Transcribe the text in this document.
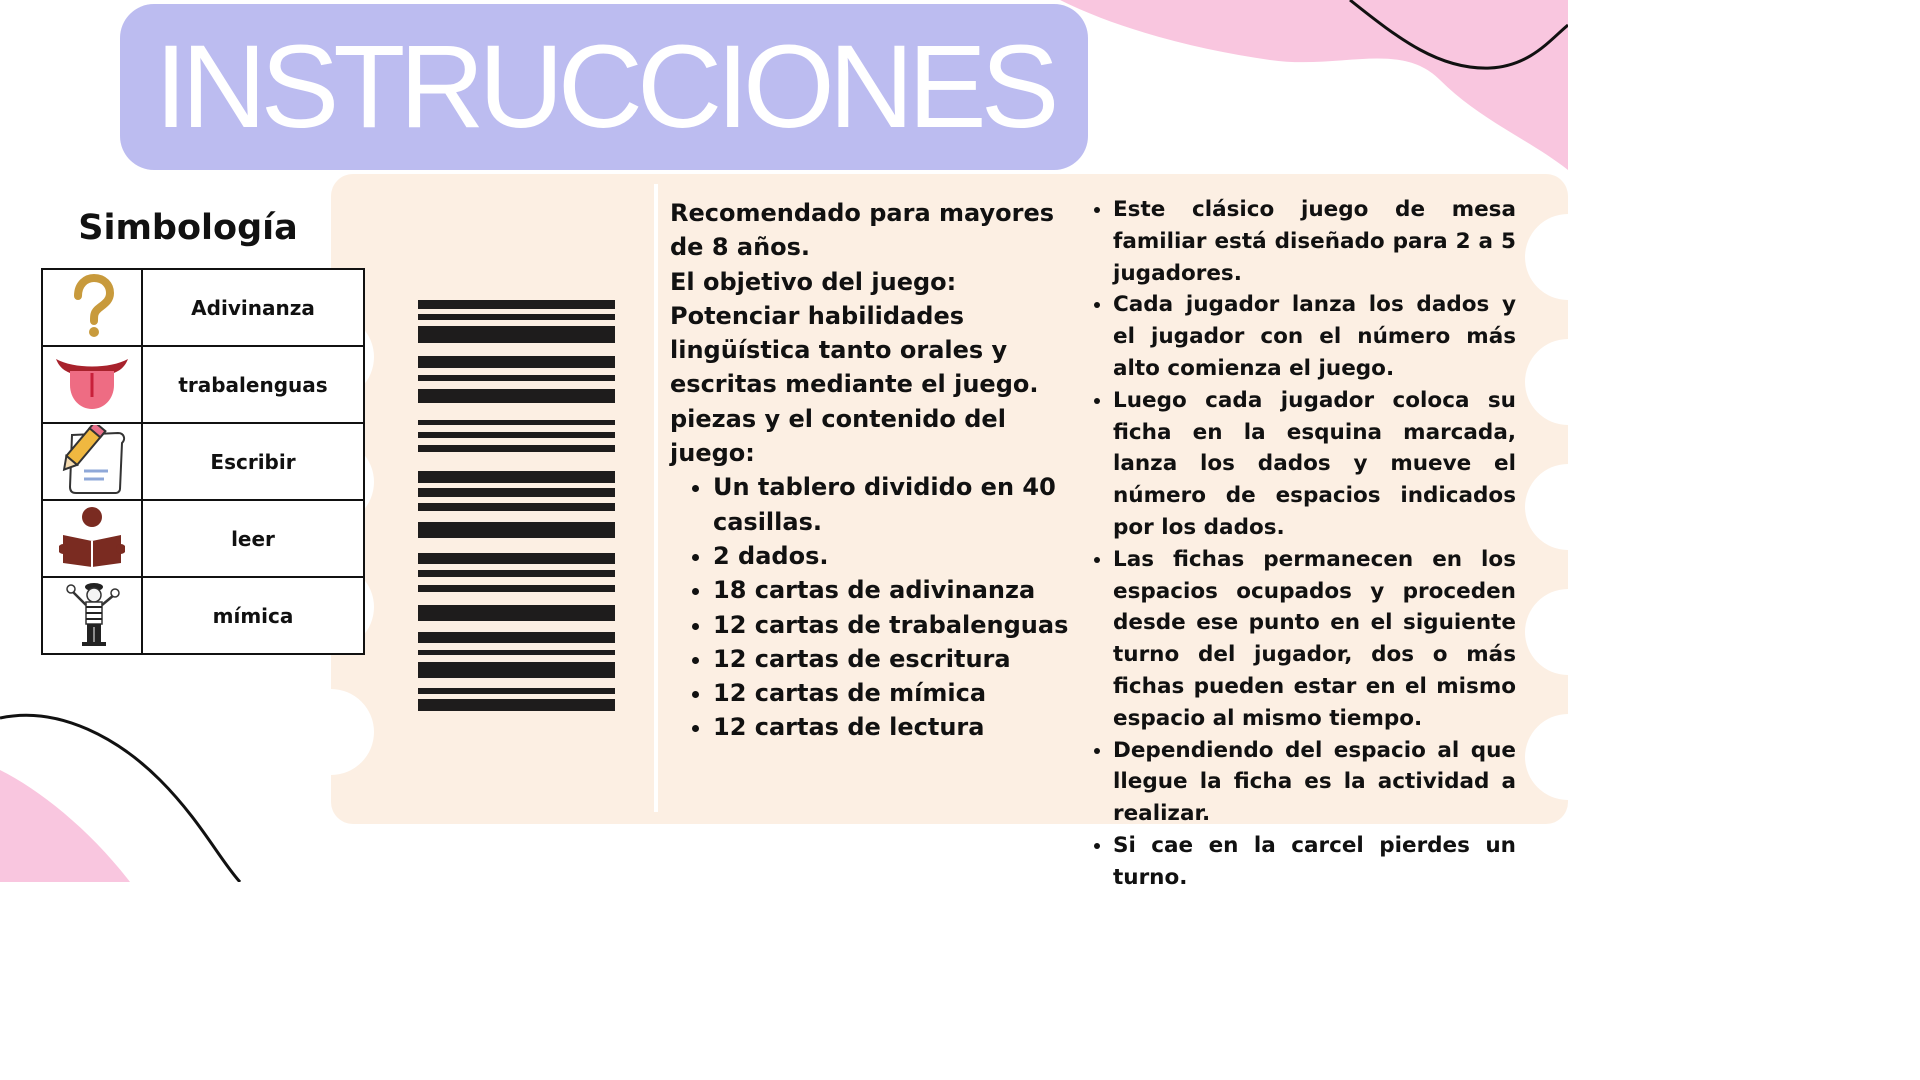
INSTRUCCIONES
Simbología
	Adivinanza
	trabalenguas
	Escribir
	leer
	mímica

Recomendado para mayores de 8 años.

El objetivo del juego: Potenciar habilidades lingüística tanto orales y escritas mediante el juego.

piezas y el contenido del juego:

• Un tablero dividido en 40 casillas.
• 2 dados.
• 18 cartas de adivinanza
• 12 cartas de trabalenguas
• 12 cartas de escritura
• 12 cartas de mímica
• 12 cartas de lectura
• Este clásico juego de mesa familiar está diseñado para 2 a 5 jugadores.
• Cada jugador lanza los dados y el jugador con el número más alto comienza el juego.
• Luego cada jugador coloca su ficha en la esquina marcada, lanza los dados y mueve el número de espacios indicados por los dados.
• Las fichas permanecen en los espacios ocupados y proceden desde ese punto en el siguiente turno del jugador, dos o más fichas pueden estar en el mismo espacio al mismo tiempo.
• Dependiendo del espacio al que llegue la ficha es la actividad a realizar.
• Si cae en la carcel pierdes un turno.
